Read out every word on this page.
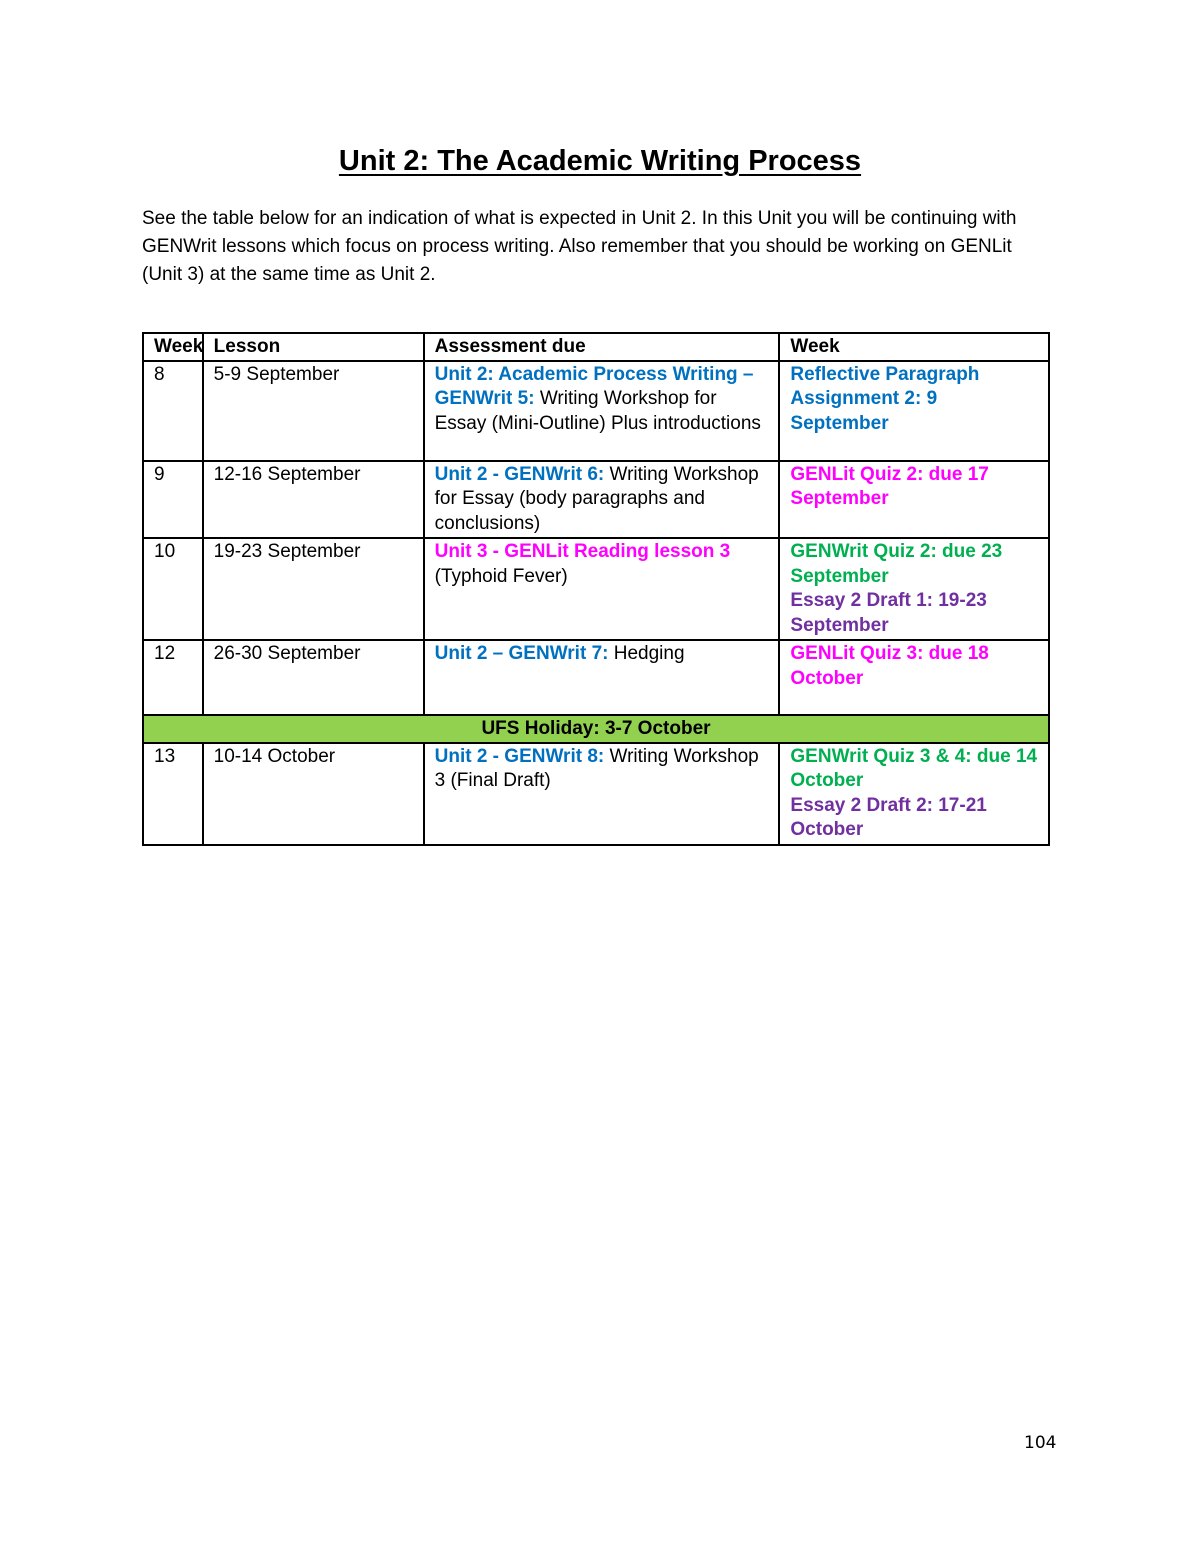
Unit 2: The Academic Writing Process

See the table below for an indication of what is expected in Unit 2. In this Unit you will be continuing with GENWrit lessons which focus on process writing. Also remember that you should be working on GENLit (Unit 3) at the same time as Unit 2.

Week	Lesson	Assessment due	Week
8	5-9 September	Unit 2: Academic Process Writing – GENWrit 5: Writing Workshop for Essay (Mini-Outline) Plus introductions	Reflective Paragraph Assignment 2: 9 September
9	12-16 September	Unit 2 - GENWrit 6: Writing Workshop for Essay (body paragraphs and conclusions)	GENLit Quiz 2: due 17 September
10	19-23 September	Unit 3 - GENLit Reading lesson 3 (Typhoid Fever)	GENWrit Quiz 2: due 23 September
Essay 2 Draft 1: 19-23 September

12	26-30 September	Unit 2 – GENWrit 7: Hedging	GENLit Quiz 3: due 18 October
UFS Holiday: 3-7 October			
13	10-14 October	Unit 2 - GENWrit 8: Writing Workshop 3 (Final Draft)	GENWrit Quiz 3 & 4: due 14 October
Essay 2 Draft 2: 17-21 October
104
